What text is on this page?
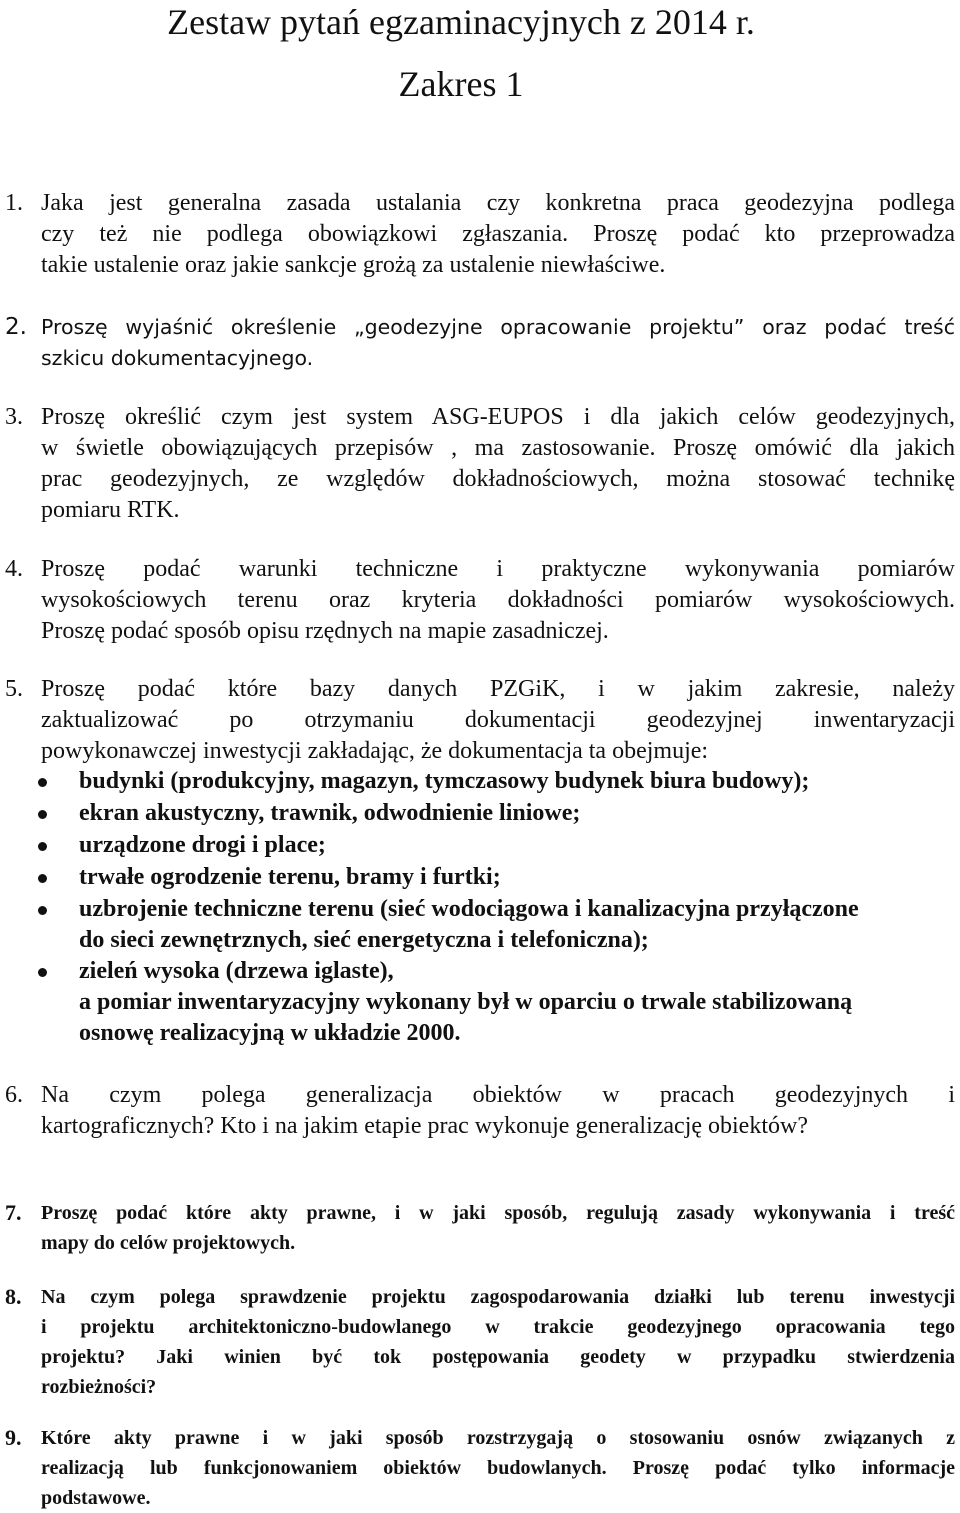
Zestaw pytań egzaminacyjnych z 2014 r.
Zakres 1
1. Jaka jest generalna zasada ustalania czy konkretna praca geodezyjna podlega
czy też nie podlega obowiązkowi zgłaszania. Proszę podać kto przeprowadza
takie ustalenie oraz jakie sankcje grożą za ustalenie niewłaściwe.
2. Proszę wyjaśnić określenie „geodezyjne opracowanie projektu” oraz podać treść
szkicu dokumentacyjnego.
3. Proszę określić czym jest system ASG-EUPOS i dla jakich celów geodezyjnych,
w świetle obowiązujących przepisów , ma zastosowanie. Proszę omówić dla jakich
prac geodezyjnych, ze względów dokładnościowych, można stosować technikę
pomiaru RTK.
4. Proszę podać warunki techniczne i praktyczne wykonywania pomiarów
wysokościowych terenu oraz kryteria dokładności pomiarów wysokościowych.
Proszę podać sposób opisu rzędnych na mapie zasadniczej.
5. Proszę podać które bazy danych PZGiK, i w jakim zakresie, należy
zaktualizować po otrzymaniu dokumentacji geodezyjnej inwentaryzacji
powykonawczej inwestycji zakładając, że dokumentacja ta obejmuje:
budynki (produkcyjny, magazyn, tymczasowy budynek biura budowy);
ekran akustyczny, trawnik, odwodnienie liniowe;
urządzone drogi i place;
trwałe ogrodzenie terenu, bramy i furtki;
uzbrojenie techniczne terenu (sieć wodociągowa i kanalizacyjna przyłączone
do sieci zewnętrznych, sieć energetyczna i telefoniczna);
zieleń wysoka (drzewa iglaste),
a pomiar inwentaryzacyjny wykonany był w oparciu o trwale stabilizowaną
osnowę realizacyjną w układzie 2000.
6. Na czym polega generalizacja obiektów w pracach geodezyjnych i
kartograficznych? Kto i na jakim etapie prac wykonuje generalizację obiektów?
7. Proszę podać które akty prawne, i w jaki sposób, regulują zasady wykonywania i treść
mapy do celów projektowych.
8. Na czym polega sprawdzenie projektu zagospodarowania działki lub terenu inwestycji
i projektu architektoniczno-budowlanego w trakcie geodezyjnego opracowania tego
projektu? Jaki winien być tok postępowania geodety w przypadku stwierdzenia
rozbieżności?
9. Które akty prawne i w jaki sposób rozstrzygają o stosowaniu osnów związanych z
realizacją lub funkcjonowaniem obiektów budowlanych. Proszę podać tylko informacje
podstawowe.
